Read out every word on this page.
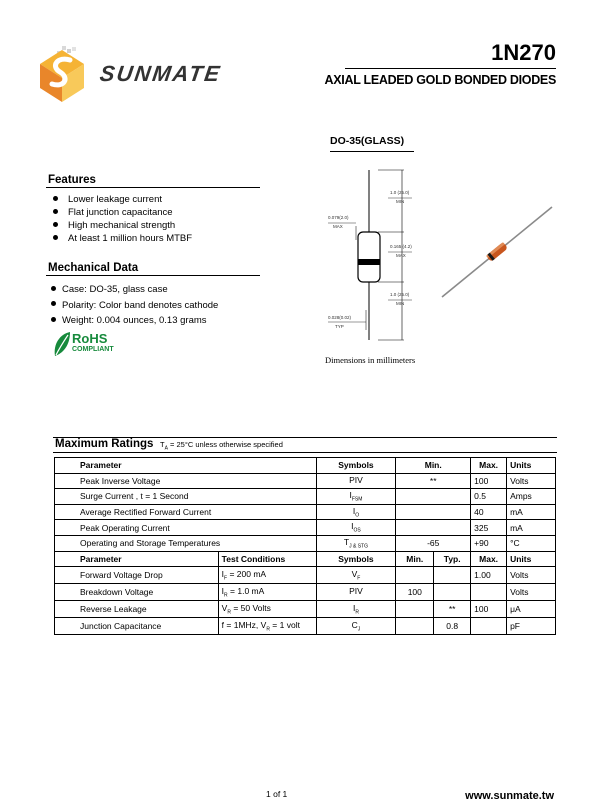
SUNMATE
1N270
AXIAL LEADED GOLD BONDED DIODES
DO-35(GLASS)
1.0 (25.0)
MIN
0.079(2.0)
MAX
0.165 (4.2)
MAX
1.0 (25.0)
MIN
0.028(0.02)
TYP
Dimensions in millimeters
Features
Lower leakage current
Flat junction capacitance
High mechanical strength
At least 1 million hours MTBF
Mechanical Data
Case: DO-35, glass case
Polarity: Color band denotes cathode
Weight: 0.004 ounces, 0.13 grams
RoHS
COMPLIANT
Maximum Ratings $T_A = 25^\circ C$ unless otherwise specified
Parameter		Symbols	Min.		Max.	Units
Peak Inverse Voltage		PIV	**		100	Volts
Surge Current , t = 1 Second		$I_{FSM}$			0.5	Amps
Average Rectified Forward Current		$I_O$			40	mA
Peak Operating Current		$I_{OS}$			325	mA
Operating and Storage Temperatures		$T_{J \& STG}$	-65		+90	°C
Parameter	Test Conditions	Symbols	Min.	Typ.	Max.	Units
Forward Voltage Drop	$I_F = 200$ mA	$V_F$			1.00	Volts
Breakdown Voltage	$I_R = 1.0$ mA	PIV	100			Volts
Reverse Leakage	$V_R = 50$ Volts	$I_R$		**	100	μA
Junction Capacitance	f = 1MHz, $V_R = 1$ volt	$C_J$		0.8		pF
1 of 1	www.sunmate.tw
